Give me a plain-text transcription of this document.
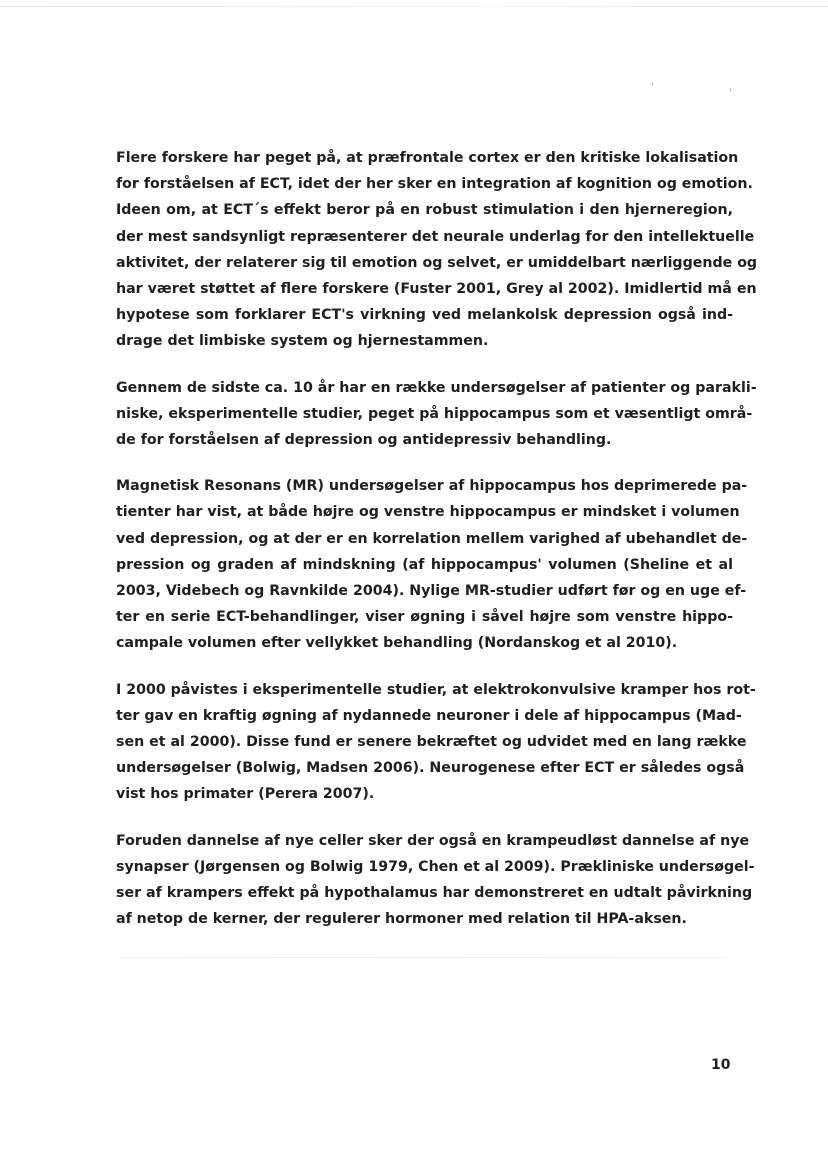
' ,
Flere forskere har peget på, at præfrontale cortex er den kritiske lokalisation
for forståelsen af ECT, idet der her sker en integration af kognition og emotion.
Ideen om, at ECT´s effekt beror på en robust stimulation i den hjerneregion,
der mest sandsynligt repræsenterer det neurale underlag for den intellektuelle
aktivitet, der relaterer sig til emotion og selvet, er umiddelbart nærliggende og
har været støttet af flere forskere (Fuster 2001, Grey al 2002). Imidlertid må en
hypotese som forklarer ECT's virkning ved melankolsk depression også ind-
drage det limbiske system og hjernestammen.
Gennem de sidste ca. 10 år har en række undersøgelser af patienter og parakli-
niske, eksperimentelle studier, peget på hippocampus som et væsentligt områ-
de for forståelsen af depression og antidepressiv behandling.
Magnetisk Resonans (MR) undersøgelser af hippocampus hos deprimerede pa-
tienter har vist, at både højre og venstre hippocampus er mindsket i volumen
ved depression, og at der er en korrelation mellem varighed af ubehandlet de-
pression og graden af mindskning (af hippocampus' volumen (Sheline et al
2003, Videbech og Ravnkilde 2004). Nylige MR-studier udført før og en uge ef-
ter en serie ECT-behandlinger, viser øgning i såvel højre som venstre hippo-
campale volumen efter vellykket behandling (Nordanskog et al 2010).
I 2000 påvistes i eksperimentelle studier, at elektrokonvulsive kramper hos rot-
ter gav en kraftig øgning af nydannede neuroner i dele af hippocampus (Mad-
sen et al 2000). Disse fund er senere bekræftet og udvidet med en lang række
undersøgelser (Bolwig, Madsen 2006). Neurogenese efter ECT er således også
vist hos primater (Perera 2007).
Foruden dannelse af nye celler sker der også en krampeudløst dannelse af nye
synapser (Jørgensen og Bolwig 1979, Chen et al 2009). Prækliniske undersøgel-
ser af krampers effekt på hypothalamus har demonstreret en udtalt påvirkning
af netop de kerner, der regulerer hormoner med relation til HPA-aksen.
10
